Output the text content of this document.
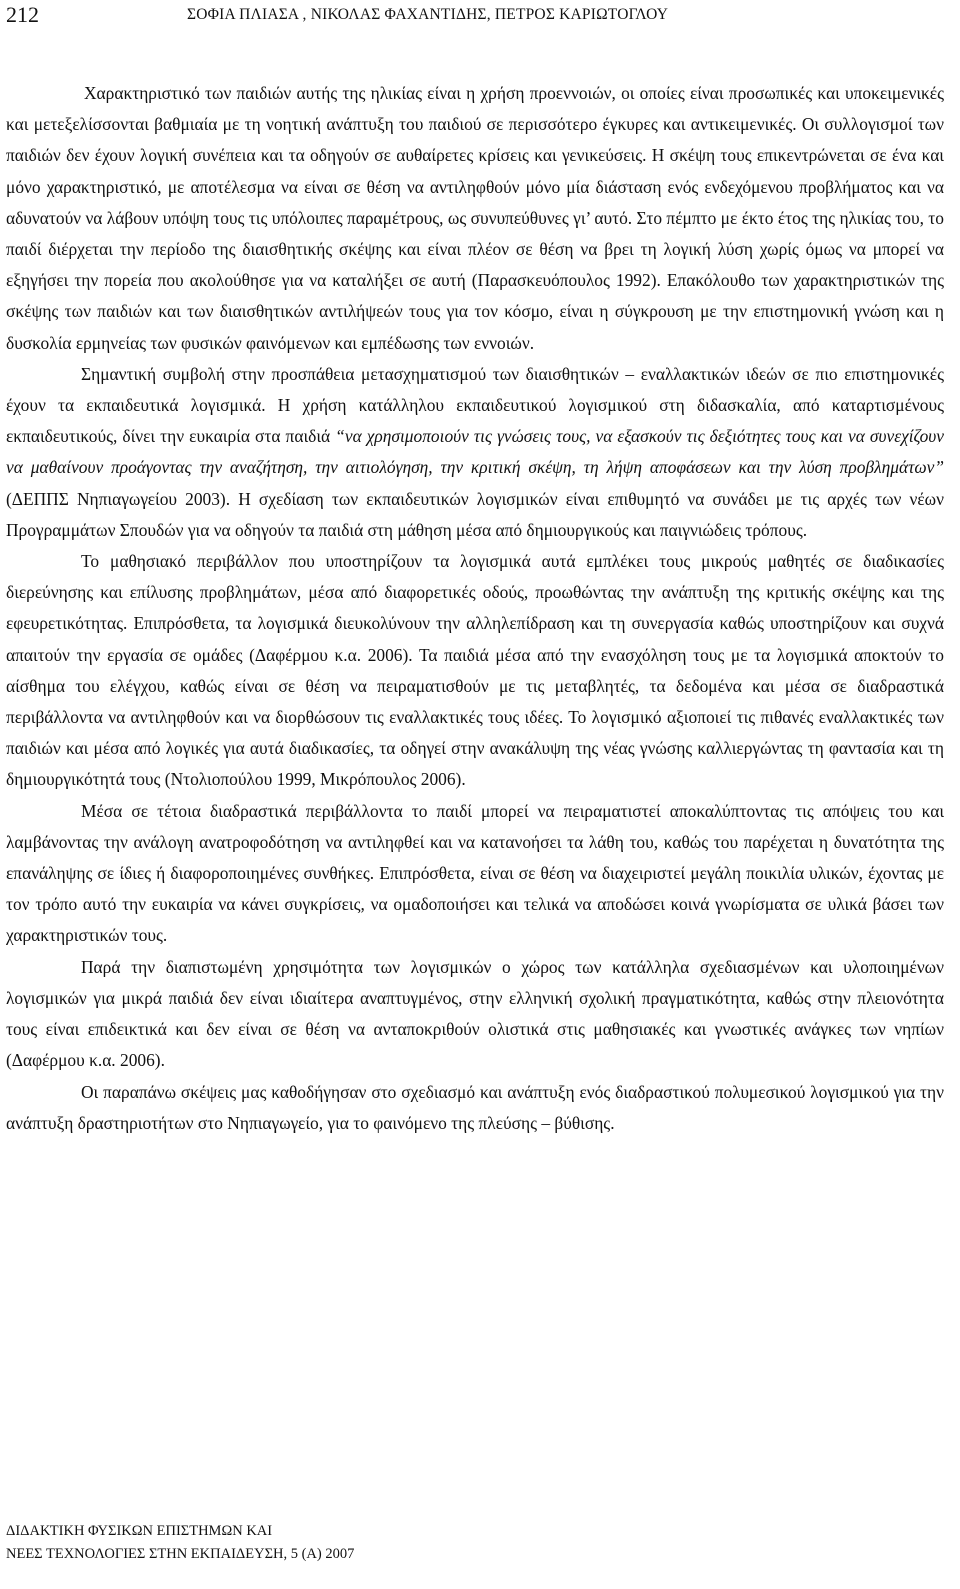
212	ΣΟΦΙΑ ΠΛΙΑΣΑ , ΝΙΚΟΛΑΣ ΦΑΧΑΝΤΙΔΗΣ, ΠΕΤΡΟΣ ΚΑΡΙΩΤΟΓΛΟΥ

Χαρακτηριστικό των παιδιών αυτής της ηλικίας είναι η χρήση προεννοιών, οι οποίες είναι προσωπικές και υποκειμενικές και μετεξελίσσονται βαθμιαία με τη νοητική ανάπτυξη του παιδιού σε περισσότερο έγκυρες και αντικειμενικές. Οι συλλογισμοί των παιδιών δεν έχουν λογική συνέπεια και τα οδηγούν σε αυθαίρετες κρίσεις και γενικεύσεις. Η σκέψη τους επικεντρώνεται σε ένα και μόνο χαρακτηριστικό, με αποτέλεσμα να είναι σε θέση να αντιληφθούν μόνο μία διάσταση ενός ενδεχόμενου προβλήματος και να αδυνατούν να λάβουν υπόψη τους τις υπόλοιπες παραμέτρους, ως συνυπεύθυνες γι’ αυτό. Στο πέμπτο με έκτο έτος της ηλικίας του, το παιδί διέρχεται την περίοδο της διαισθητικής σκέψης και είναι πλέον σε θέση να βρει τη λογική λύση χωρίς όμως να μπορεί να εξηγήσει την πορεία που ακολούθησε για να καταλήξει σε αυτή (Παρασκευόπουλος 1992). Επακόλουθο των χαρακτηριστικών της σκέψης των παιδιών και των διαισθητικών αντιλήψεών τους για τον κόσμο, είναι η σύγκρουση με την επιστημονική γνώση και η δυσκολία ερμηνείας των φυσικών φαινόμενων και εμπέδωσης των εννοιών.

Σημαντική συμβολή στην προσπάθεια μετασχηματισμού των διαισθητικών – εναλλακτικών ιδεών σε πιο επιστημονικές έχουν τα εκπαιδευτικά λογισμικά. Η χρήση κατάλληλου εκπαιδευτικού λογισμικού στη διδασκαλία, από καταρτισμένους εκπαιδευτικούς, δίνει την ευκαιρία στα παιδιά “να χρησιμοποιούν τις γνώσεις τους, να εξασκούν τις δεξιότητες τους και να συνεχίζουν να μαθαίνουν προάγοντας την αναζήτηση, την αιτιολόγηση, την κριτική σκέψη, τη λήψη αποφάσεων και την λύση προβλημάτων” (ΔΕΠΠΣ Νηπιαγωγείου 2003). Η σχεδίαση των εκπαιδευτικών λογισμικών είναι επιθυμητό να συνάδει με τις αρχές των νέων Προγραμμάτων Σπουδών για να οδηγούν τα παιδιά στη μάθηση μέσα από δημιουργικούς και παιγνιώδεις τρόπους.

Το μαθησιακό περιβάλλον που υποστηρίζουν τα λογισμικά αυτά εμπλέκει τους μικρούς μαθητές σε διαδικασίες διερεύνησης και επίλυσης προβλημάτων, μέσα από διαφορετικές οδούς, προωθώντας την ανάπτυξη της κριτικής σκέψης και της εφευρετικότητας. Επιπρόσθετα, τα λογισμικά διευκολύνουν την αλληλεπίδραση και τη συνεργασία καθώς υποστηρίζουν και συχνά απαιτούν την εργασία σε ομάδες (Δαφέρμου κ.α. 2006). Τα παιδιά μέσα από την ενασχόληση τους με τα λογισμικά αποκτούν το αίσθημα του ελέγχου, καθώς είναι σε θέση να πειραματισθούν με τις μεταβλητές, τα δεδομένα και μέσα σε διαδραστικά περιβάλλοντα να αντιληφθούν και να διορθώσουν τις εναλλακτικές τους ιδέες. Το λογισμικό αξιοποιεί τις πιθανές εναλλακτικές των παιδιών και μέσα από λογικές για αυτά διαδικασίες, τα οδηγεί στην ανακάλυψη της νέας γνώσης καλλιεργώντας τη φαντασία και τη δημιουργικότητά τους (Ντολιοπούλου 1999, Μικρόπουλος 2006).

Μέσα σε τέτοια διαδραστικά περιβάλλοντα το παιδί μπορεί να πειραματιστεί αποκαλύπτοντας τις απόψεις του και λαμβάνοντας την ανάλογη ανατροφοδότηση να αντιληφθεί και να κατανοήσει τα λάθη του, καθώς του παρέχεται η δυνατότητα της επανάληψης σε ίδιες ή διαφοροποιημένες συνθήκες. Επιπρόσθετα, είναι σε θέση να διαχειριστεί μεγάλη ποικιλία υλικών, έχοντας με τον τρόπο αυτό την ευκαιρία να κάνει συγκρίσεις, να ομαδοποιήσει και τελικά να αποδώσει κοινά γνωρίσματα σε υλικά βάσει των χαρακτηριστικών τους.

Παρά την διαπιστωμένη χρησιμότητα των λογισμικών ο χώρος των κατάλληλα σχεδιασμένων και υλοποιημένων λογισμικών για μικρά παιδιά δεν είναι ιδιαίτερα αναπτυγμένος, στην ελληνική σχολική πραγματικότητα, καθώς στην πλειονότητα τους είναι επιδεικτικά και δεν είναι σε θέση να ανταποκριθούν ολιστικά στις μαθησιακές και γνωστικές ανάγκες των νηπίων (Δαφέρμου κ.α. 2006).

Οι παραπάνω σκέψεις μας καθοδήγησαν στο σχεδιασμό και ανάπτυξη ενός διαδραστικού πολυμεσικού λογισμικού για την ανάπτυξη δραστηριοτήτων στο Νηπιαγωγείο, για το φαινόμενο της πλεύσης – βύθισης.

ΔΙΔΑΚΤΙΚΗ ΦΥΣΙΚΩΝ ΕΠΙΣΤΗΜΩΝ ΚΑΙ
ΝΕΕΣ ΤΕΧΝΟΛΟΓΙΕΣ ΣΤΗΝ ΕΚΠΑΙΔΕΥΣΗ, 5 (Α) 2007
